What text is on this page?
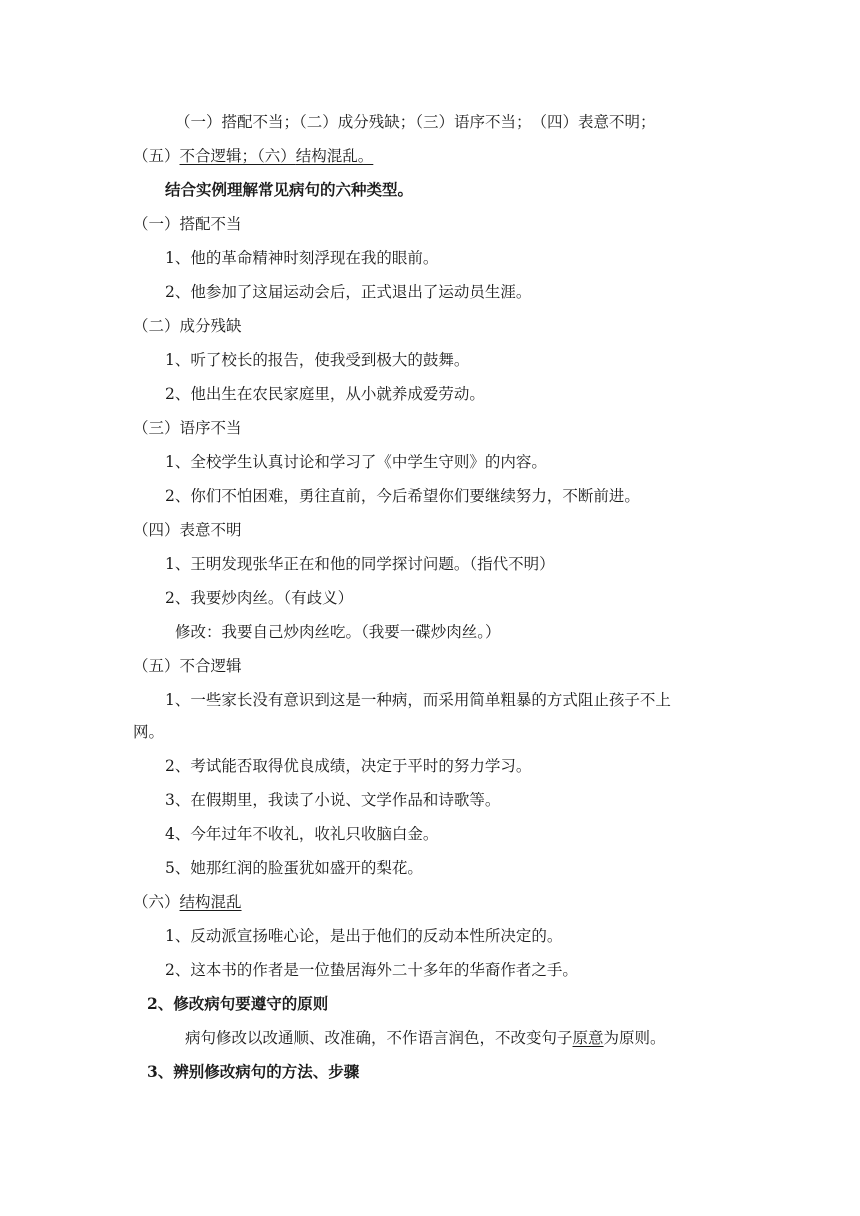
（一）搭配不当；（二）成分残缺；（三）语序不当；　（四）表意不明；
（五）不合逻辑；（六）结构混乱。
结合实例理解常见病句的六种类型。
（一）搭配不当
1、他的革命精神时刻浮现在我的眼前。
2、他参加了这届运动会后，正式退出了运动员生涯。
（二）成分残缺
1、听了校长的报告，使我受到极大的鼓舞。
2、他出生在农民家庭里，从小就养成爱劳动。
（三）语序不当
1、全校学生认真讨论和学习了《中学生守则》的内容。
2、你们不怕困难，勇往直前，今后希望你们要继续努力，不断前进。
（四）表意不明
1、王明发现张华正在和他的同学探讨问题。（指代不明）
2、我要炒肉丝。（有歧义）
修改：我要自己炒肉丝吃。（我要一碟炒肉丝。）
（五）不合逻辑
1、一些家长没有意识到这是一种病，而采用简单粗暴的方式阻止孩子不上
网。
2、考试能否取得优良成绩，决定于平时的努力学习。
3、在假期里，我读了小说、文学作品和诗歌等。
4、今年过年不收礼，收礼只收脑白金。
5、她那红润的脸蛋犹如盛开的梨花。
（六）结构混乱
1、反动派宣扬唯心论，是出于他们的反动本性所决定的。
2、这本书的作者是一位蛰居海外二十多年的华裔作者之手。
2、修改病句要遵守的原则
病句修改以改通顺、改准确，不作语言润色，不改变句子原意为原则。
3、辨别修改病句的方法、步骤
